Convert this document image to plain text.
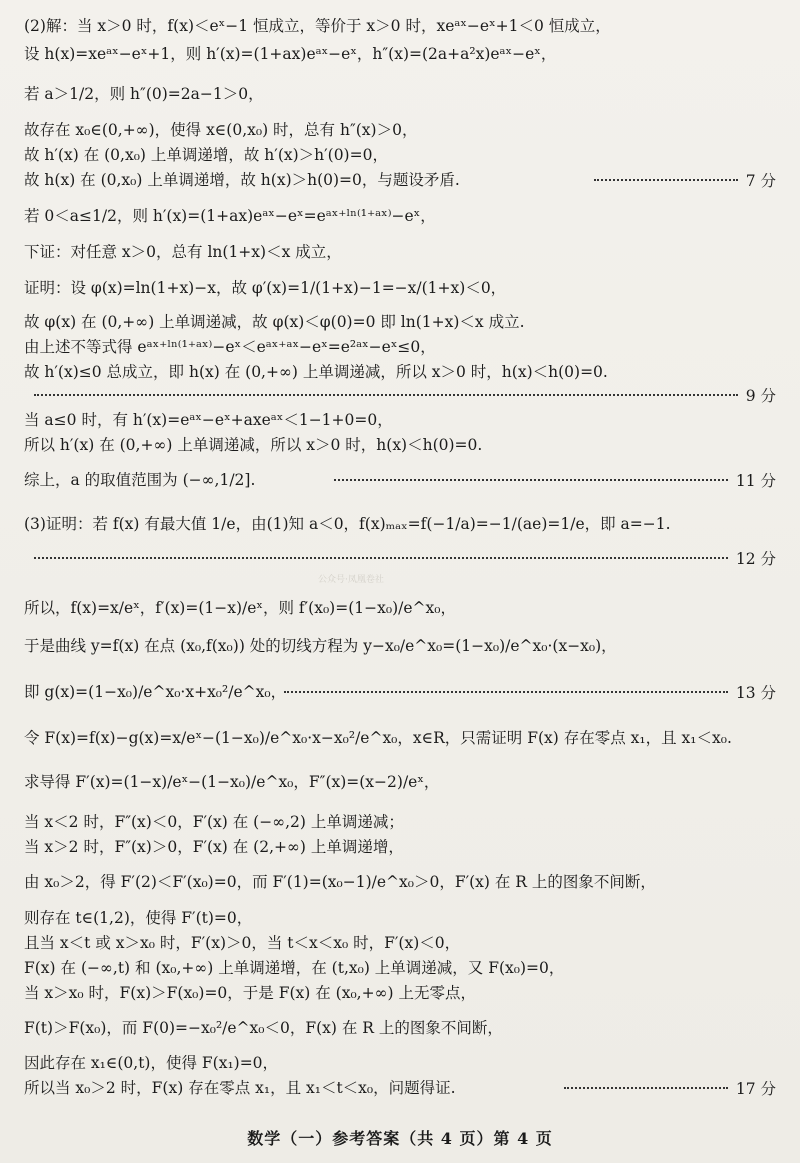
(2)解：当 x＞0 时，f(x)＜eˣ−1 恒成立，等价于 x＞0 时，xeᵃˣ−eˣ+1＜0 恒成立，
设 h(x)=xeᵃˣ−eˣ+1，则 h′(x)=(1+ax)eᵃˣ−eˣ，h″(x)=(2a+a²x)eᵃˣ−eˣ，
若 a＞1/2，则 h″(0)=2a−1＞0，
故存在 x₀∈(0,+∞)，使得 x∈(0,x₀) 时，总有 h″(x)＞0，
故 h′(x) 在 (0,x₀) 上单调递增，故 h′(x)＞h′(0)=0，
故 h(x) 在 (0,x₀) 上单调递增，故 h(x)＞h(0)=0，与题设矛盾.
若 0＜a≤1/2，则 h′(x)=(1+ax)eᵃˣ−eˣ=eᵃˣ⁺ˡⁿ⁽¹⁺ᵃˣ⁾−eˣ，
下证：对任意 x＞0，总有 ln(1+x)＜x 成立，
证明：设 φ(x)=ln(1+x)−x，故 φ′(x)=1/(1+x)−1=−x/(1+x)＜0，
故 φ(x) 在 (0,+∞) 上单调递减，故 φ(x)＜φ(0)=0 即 ln(1+x)＜x 成立.
由上述不等式得 eᵃˣ⁺ˡⁿ⁽¹⁺ᵃˣ⁾−eˣ＜eᵃˣ⁺ᵃˣ−eˣ=e²ᵃˣ−eˣ≤0，
故 h′(x)≤0 总成立，即 h(x) 在 (0,+∞) 上单调递减，所以 x＞0 时，h(x)＜h(0)=0.
当 a≤0 时，有 h′(x)=eᵃˣ−eˣ+axeᵃˣ＜1−1+0=0，
所以 h′(x) 在 (0,+∞) 上单调递减，所以 x＞0 时，h(x)＜h(0)=0.
综上，a 的取值范围为 (−∞,1/2].
(3)证明：若 f(x) 有最大值 1/e，由(1)知 a＜0，f(x)ₘₐₓ=f(−1/a)=−1/(ae)=1/e，即 a=−1.
所以，f(x)=x/eˣ，f′(x)=(1−x)/eˣ，则 f′(x₀)=(1−x₀)/e^x₀，
于是曲线 y=f(x) 在点 (x₀,f(x₀)) 处的切线方程为 y−x₀/e^x₀=(1−x₀)/e^x₀·(x−x₀)，
即 g(x)=(1−x₀)/e^x₀·x+x₀²/e^x₀，
令 F(x)=f(x)−g(x)=x/eˣ−(1−x₀)/e^x₀·x−x₀²/e^x₀，x∈R，只需证明 F(x) 存在零点 x₁，且 x₁＜x₀.
求导得 F′(x)=(1−x)/eˣ−(1−x₀)/e^x₀，F″(x)=(x−2)/eˣ，
当 x＜2 时，F″(x)＜0，F′(x) 在 (−∞,2) 上单调递减；
当 x＞2 时，F″(x)＞0，F′(x) 在 (2,+∞) 上单调递增，
由 x₀＞2，得 F′(2)＜F′(x₀)=0，而 F′(1)=(x₀−1)/e^x₀＞0，F′(x) 在 R 上的图象不间断，
则存在 t∈(1,2)，使得 F′(t)=0，
且当 x＜t 或 x＞x₀ 时，F′(x)＞0，当 t＜x＜x₀ 时，F′(x)＜0，
F(x) 在 (−∞,t) 和 (x₀,+∞) 上单调递增，在 (t,x₀) 上单调递减，又 F(x₀)=0，
当 x＞x₀ 时，F(x)＞F(x₀)=0，于是 F(x) 在 (x₀,+∞) 上无零点，
F(t)＞F(x₀)，而 F(0)=−x₀²/e^x₀＜0，F(x) 在 R 上的图象不间断，
因此存在 x₁∈(0,t)，使得 F(x₁)=0，
所以当 x₀＞2 时，F(x) 存在零点 x₁，且 x₁＜t＜x₀，问题得证.
7 分
9 分
11 分
12 分
13 分
17 分
公众号·凤凰卷社
数学（一）参考答案（共 4 页）第 4 页
